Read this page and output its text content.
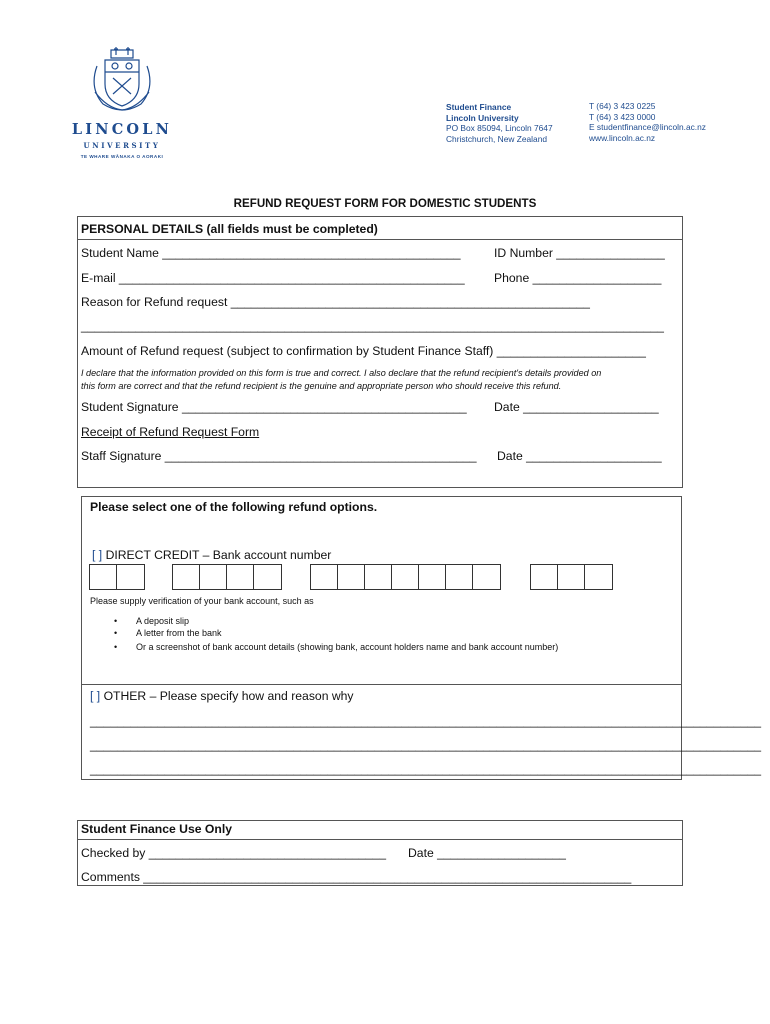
LINCOLN
UNIVERSITY
TE WHARE WĀNAKA O AORAKI
Student Finance
Lincoln University
PO Box 85094, Lincoln 7647
Christchurch, New Zealand
T (64) 3 423 0225
T (64) 3 423 0000
E studentfinance@lincoln.ac.nz
www.lincoln.ac.nz
REFUND REQUEST FORM FOR DOMESTIC STUDENTS
PERSONAL DETAILS (all fields must be completed)
Student Name ____________________________________________	ID Number ________________
E-mail ___________________________________________________ Phone ___________________
Reason for Refund request _____________________________________________________
______________________________________________________________________________________
Amount of Refund request (subject to confirmation by Student Finance Staff) ______________________
I declare that the information provided on this form is true and correct. I also declare that the refund recipient's details provided on
this form are correct and that the refund recipient is the genuine and appropriate person who should receive this refund.
Student Signature __________________________________________ Date ____________________
Receipt of Refund Request Form
Staff Signature ______________________________________________ Date ____________________
Please select one of the following refund options.
[ ] DIRECT CREDIT – Bank account number
Please supply verification of your bank account, such as
• A deposit slip
• A letter from the bank
• Or a screenshot of bank account details (showing bank, account holders name and bank account number)
[ ] OTHER – Please specify how and reason why
___________________________________________________________________________________________________
___________________________________________________________________________________________________
___________________________________________________________________________________________________
Student Finance Use Only
Checked by ___________________________________ Date ___________________
Comments ________________________________________________________________________
